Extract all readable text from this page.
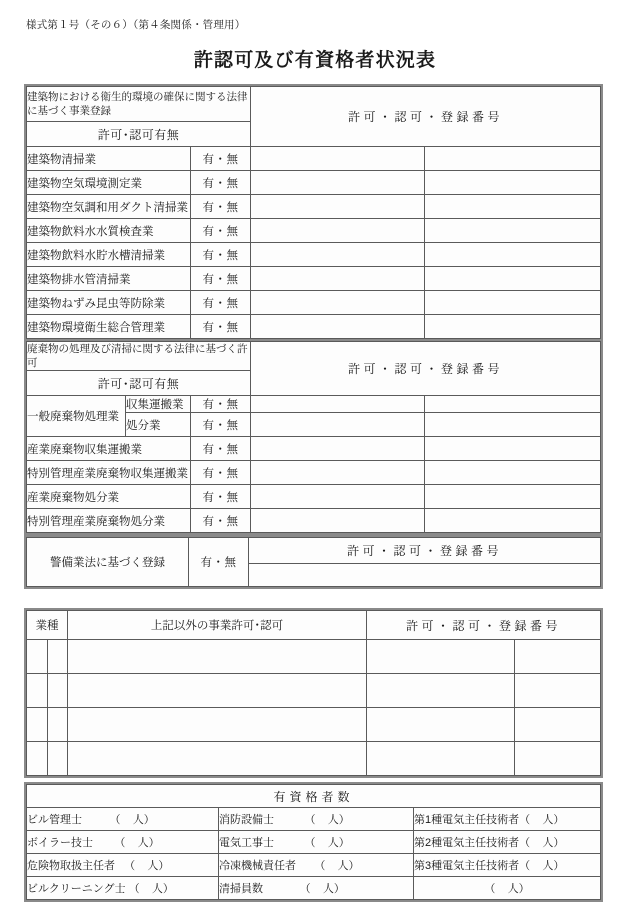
様式第１号（その６）（第４条関係・管理用）
許認可及び有資格者状況表
建築物における衛生的環境の確保に関する法律に基づく事業登録		許可・認可・登録番号	
許可･認可有無			
建築物清掃業	有・無		
建築物空気環境測定業	有・無		
建築物空気調和用ダクト清掃業	有・無		
建築物飲料水水質検査業	有・無		
建築物飲料水貯水槽清掃業	有・無		
建築物排水管清掃業	有・無		
建築物ねずみ昆虫等防除業	有・無		
建築物環境衛生総合管理業	有・無		
廃棄物の処理及び清掃に関する法律に基づく許可			許可・認可・登録番号	
許可･認可有無				
一般廃棄物処理業	収集運搬業	有・無		
	処分業	有・無		
産業廃棄物収集運搬業		有・無		
特別管理産業廃棄物収集運搬業		有・無		
産業廃棄物処分業		有・無		
特別管理産業廃棄物処分業		有・無		
警備業法に基づく登録	有・無	許可・認可・登録番号

業種		上記以外の事業許可･認可	許可・認可・登録番号	

有資格者数		
ビル管理士         （    人）	消防設備士          （    人）	第1種電気主任技術者（    人）
ボイラー技士       （    人）	電気工事士          （    人）	第2種電気主任技術者（    人）
危険物取扱主任者   （    人）	冷凍機械責任者      （    人）	第3種電気主任技術者（    人）
ビルクリーニング士 （    人）	清掃員数            （    人）	（    人）
